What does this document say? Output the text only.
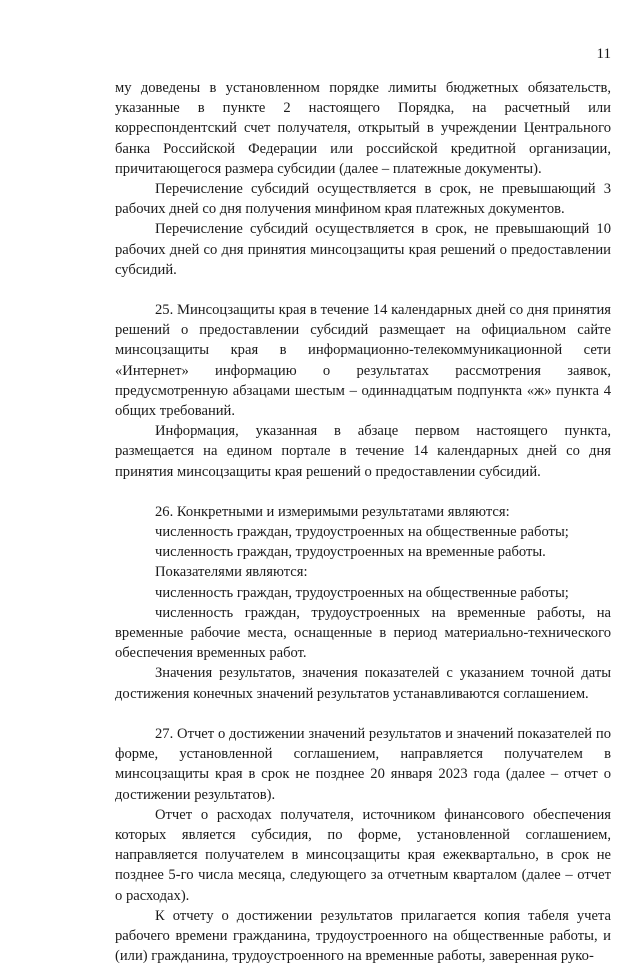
11

му доведены в установленном порядке лимиты бюджетных обязательств, указанные в пункте 2 настоящего Порядка, на расчетный или корреспондентский счет получателя, открытый в учреждении Центрального банка Российской Федерации или российской кредитной организации, причитающегося размера субсидии (далее – платежные документы).

Перечисление субсидий осуществляется в срок, не превышающий 3 рабочих дней со дня получения минфином края платежных документов.

Перечисление субсидий осуществляется в срок, не превышающий 10 рабочих дней со дня принятия минсоцзащиты края решений о предоставлении субсидий.

25. Минсоцзащиты края в течение 14 календарных дней со дня принятия решений о предоставлении субсидий размещает на официальном сайте минсоцзащиты края в информационно-телекоммуникационной сети «Интернет» информацию о результатах рассмотрения заявок, предусмотренную абзацами шестым – одиннадцатым подпункта «ж» пункта 4 общих требований.

Информация, указанная в абзаце первом настоящего пункта, размещается на едином портале в течение 14 календарных дней со дня принятия минсоцзащиты края решений о предоставлении субсидий.

26. Конкретными и измеримыми результатами являются:

численность граждан, трудоустроенных на общественные работы;

численность граждан, трудоустроенных на временные работы.

Показателями являются:

численность граждан, трудоустроенных на общественные работы;

численность граждан, трудоустроенных на временные работы, на временные рабочие места, оснащенные в период материально-технического обеспечения временных работ.

Значения результатов, значения показателей с указанием точной даты достижения конечных значений результатов устанавливаются соглашением.

27. Отчет о достижении значений результатов и значений показателей по форме, установленной соглашением, направляется получателем в минсоцзащиты края в срок не позднее 20 января 2023 года (далее – отчет о достижении результатов).

Отчет о расходах получателя, источником финансового обеспечения которых является субсидия, по форме, установленной соглашением, направляется получателем в минсоцзащиты края ежеквартально, в срок не позднее 5-го числа месяца, следующего за отчетным кварталом (далее – отчет о расходах).

К отчету о достижении результатов прилагается копия табеля учета рабочего времени гражданина, трудоустроенного на общественные работы, и (или) гражданина, трудоустроенного на временные работы, заверенная руко-
